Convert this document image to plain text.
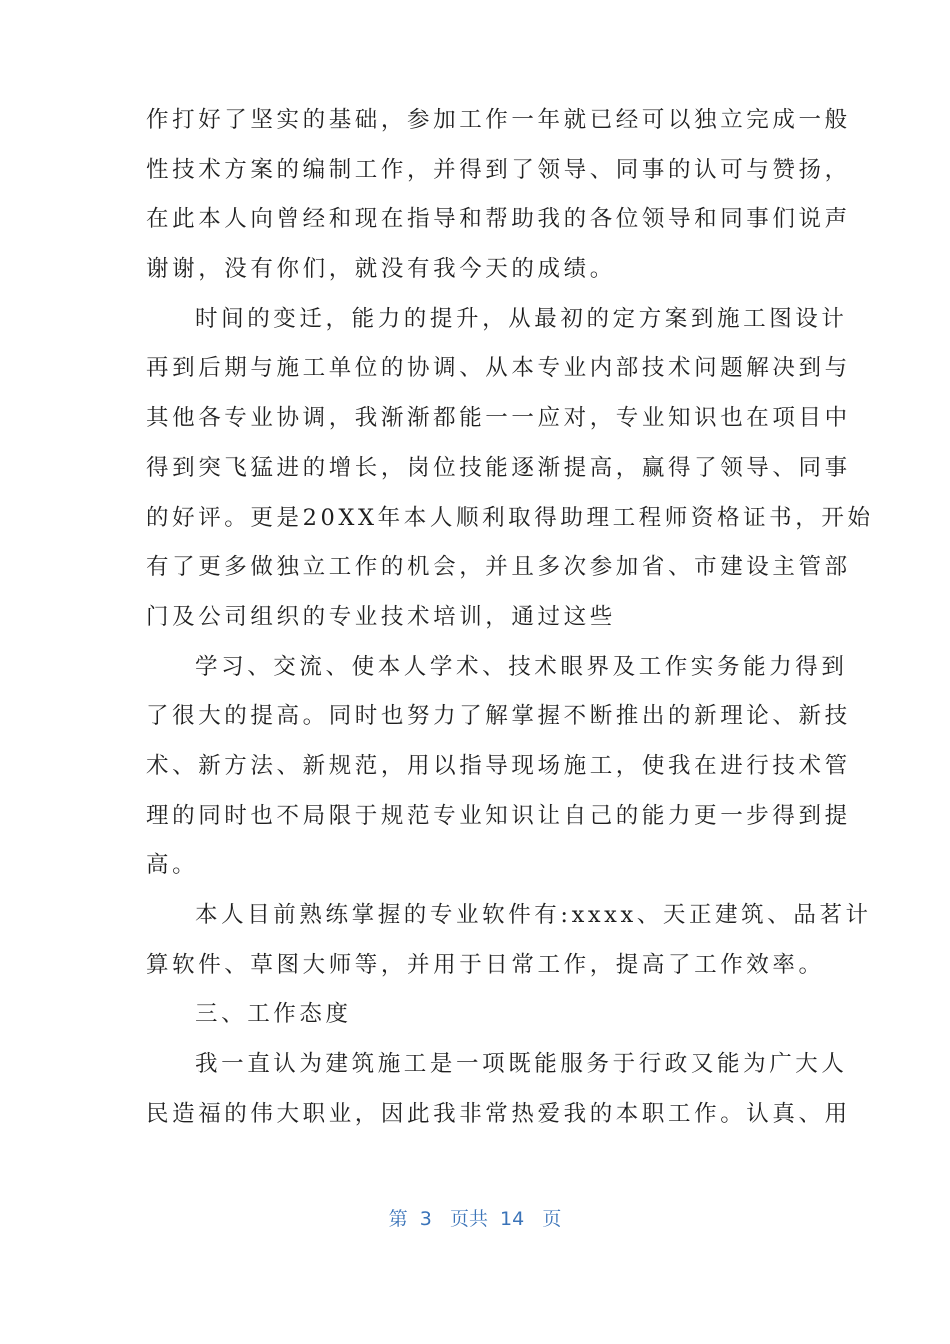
作打好了坚实的基础，参加工作一年就已经可以独立完成一般
性技术方案的编制工作，并得到了领导、同事的认可与赞扬，
在此本人向曾经和现在指导和帮助我的各位领导和同事们说声
谢谢，没有你们，就没有我今天的成绩。
时间的变迁，能力的提升，从最初的定方案到施工图设计
再到后期与施工单位的协调、从本专业内部技术问题解决到与
其他各专业协调，我渐渐都能一一应对，专业知识也在项目中
得到突飞猛进的增长，岗位技能逐渐提高，赢得了领导、同事
的好评。更是20XX年本人顺利取得助理工程师资格证书，开始
有了更多做独立工作的机会，并且多次参加省、市建设主管部
门及公司组织的专业技术培训，通过这些
学习、交流、使本人学术、技术眼界及工作实务能力得到
了很大的提高。同时也努力了解掌握不断推出的新理论、新技
术、新方法、新规范，用以指导现场施工，使我在进行技术管
理的同时也不局限于规范专业知识让自己的能力更一步得到提
高。
本人目前熟练掌握的专业软件有:xxxx、天正建筑、品茗计
算软件、草图大师等，并用于日常工作，提高了工作效率。
三、工作态度
我一直认为建筑施工是一项既能服务于行政又能为广大人
民造福的伟大职业，因此我非常热爱我的本职工作。认真、用
第 3 页共 14 页
